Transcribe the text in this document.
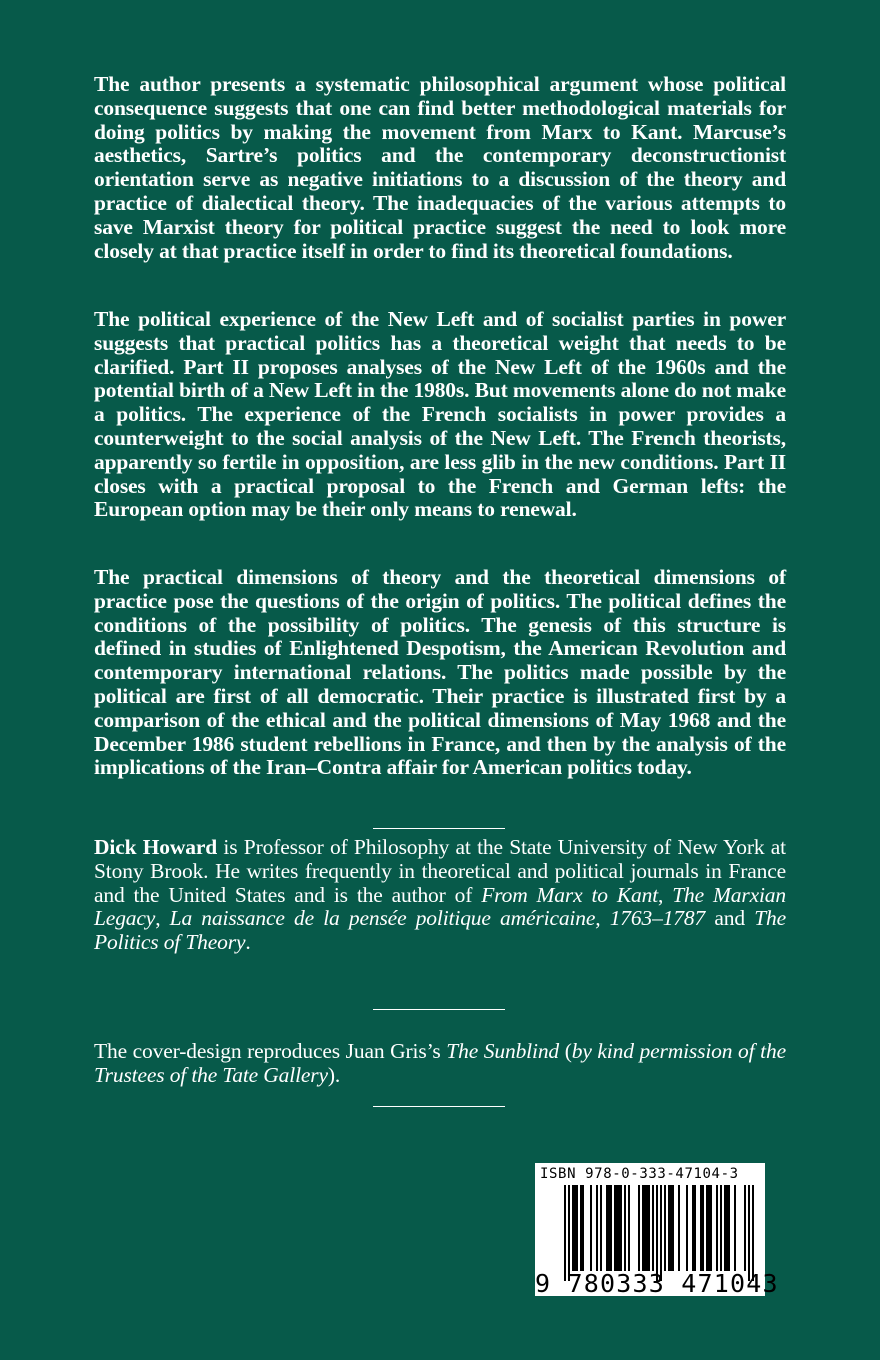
The author presents a systematic philosophical argument whose political consequence suggests that one can find better methodological materials for doing politics by making the movement from Marx to Kant. Marcuse’s aesthetics, Sartre’s politics and the contemporary deconstructionist orientation serve as negative initiations to a discussion of the theory and practice of dialectical theory. The inadequacies of the various attempts to save Marxist theory for political practice suggest the need to look more closely at that practice itself in order to find its theoretical foundations.

The political experience of the New Left and of socialist parties in power suggests that practical politics has a theoretical weight that needs to be clarified. Part II proposes analyses of the New Left of the 1960s and the potential birth of a New Left in the 1980s. But movements alone do not make a politics. The experience of the French socialists in power provides a counterweight to the social analysis of the New Left. The French theorists, apparently so fertile in opposition, are less glib in the new conditions. Part II closes with a practical proposal to the French and German lefts: the European option may be their only means to renewal.

The practical dimensions of theory and the theoretical dimensions of practice pose the questions of the origin of politics. The political defines the conditions of the possibility of politics. The genesis of this structure is defined in studies of Enlightened Despotism, the American Revolution and contemporary international relations. The politics made possible by the political are first of all democratic. Their practice is illustrated first by a comparison of the ethical and the political dimensions of May 1968 and the December 1986 student rebellions in France, and then by the analysis of the implications of the Iran–Contra affair for American politics today.

Dick Howard is Professor of Philosophy at the State University of New York at Stony Brook. He writes frequently in theoretical and political journals in France and the United States and is the author of From Marx to Kant, The Marxian Legacy, La naissance de la pensée politique américaine, 1763–1787 and The Politics of Theory.

The cover-design reproduces Juan Gris’s The Sunblind (by kind permission of the Trustees of the Tate Gallery).

ISBN 978-0-333-47104-3
9 780333 471043
